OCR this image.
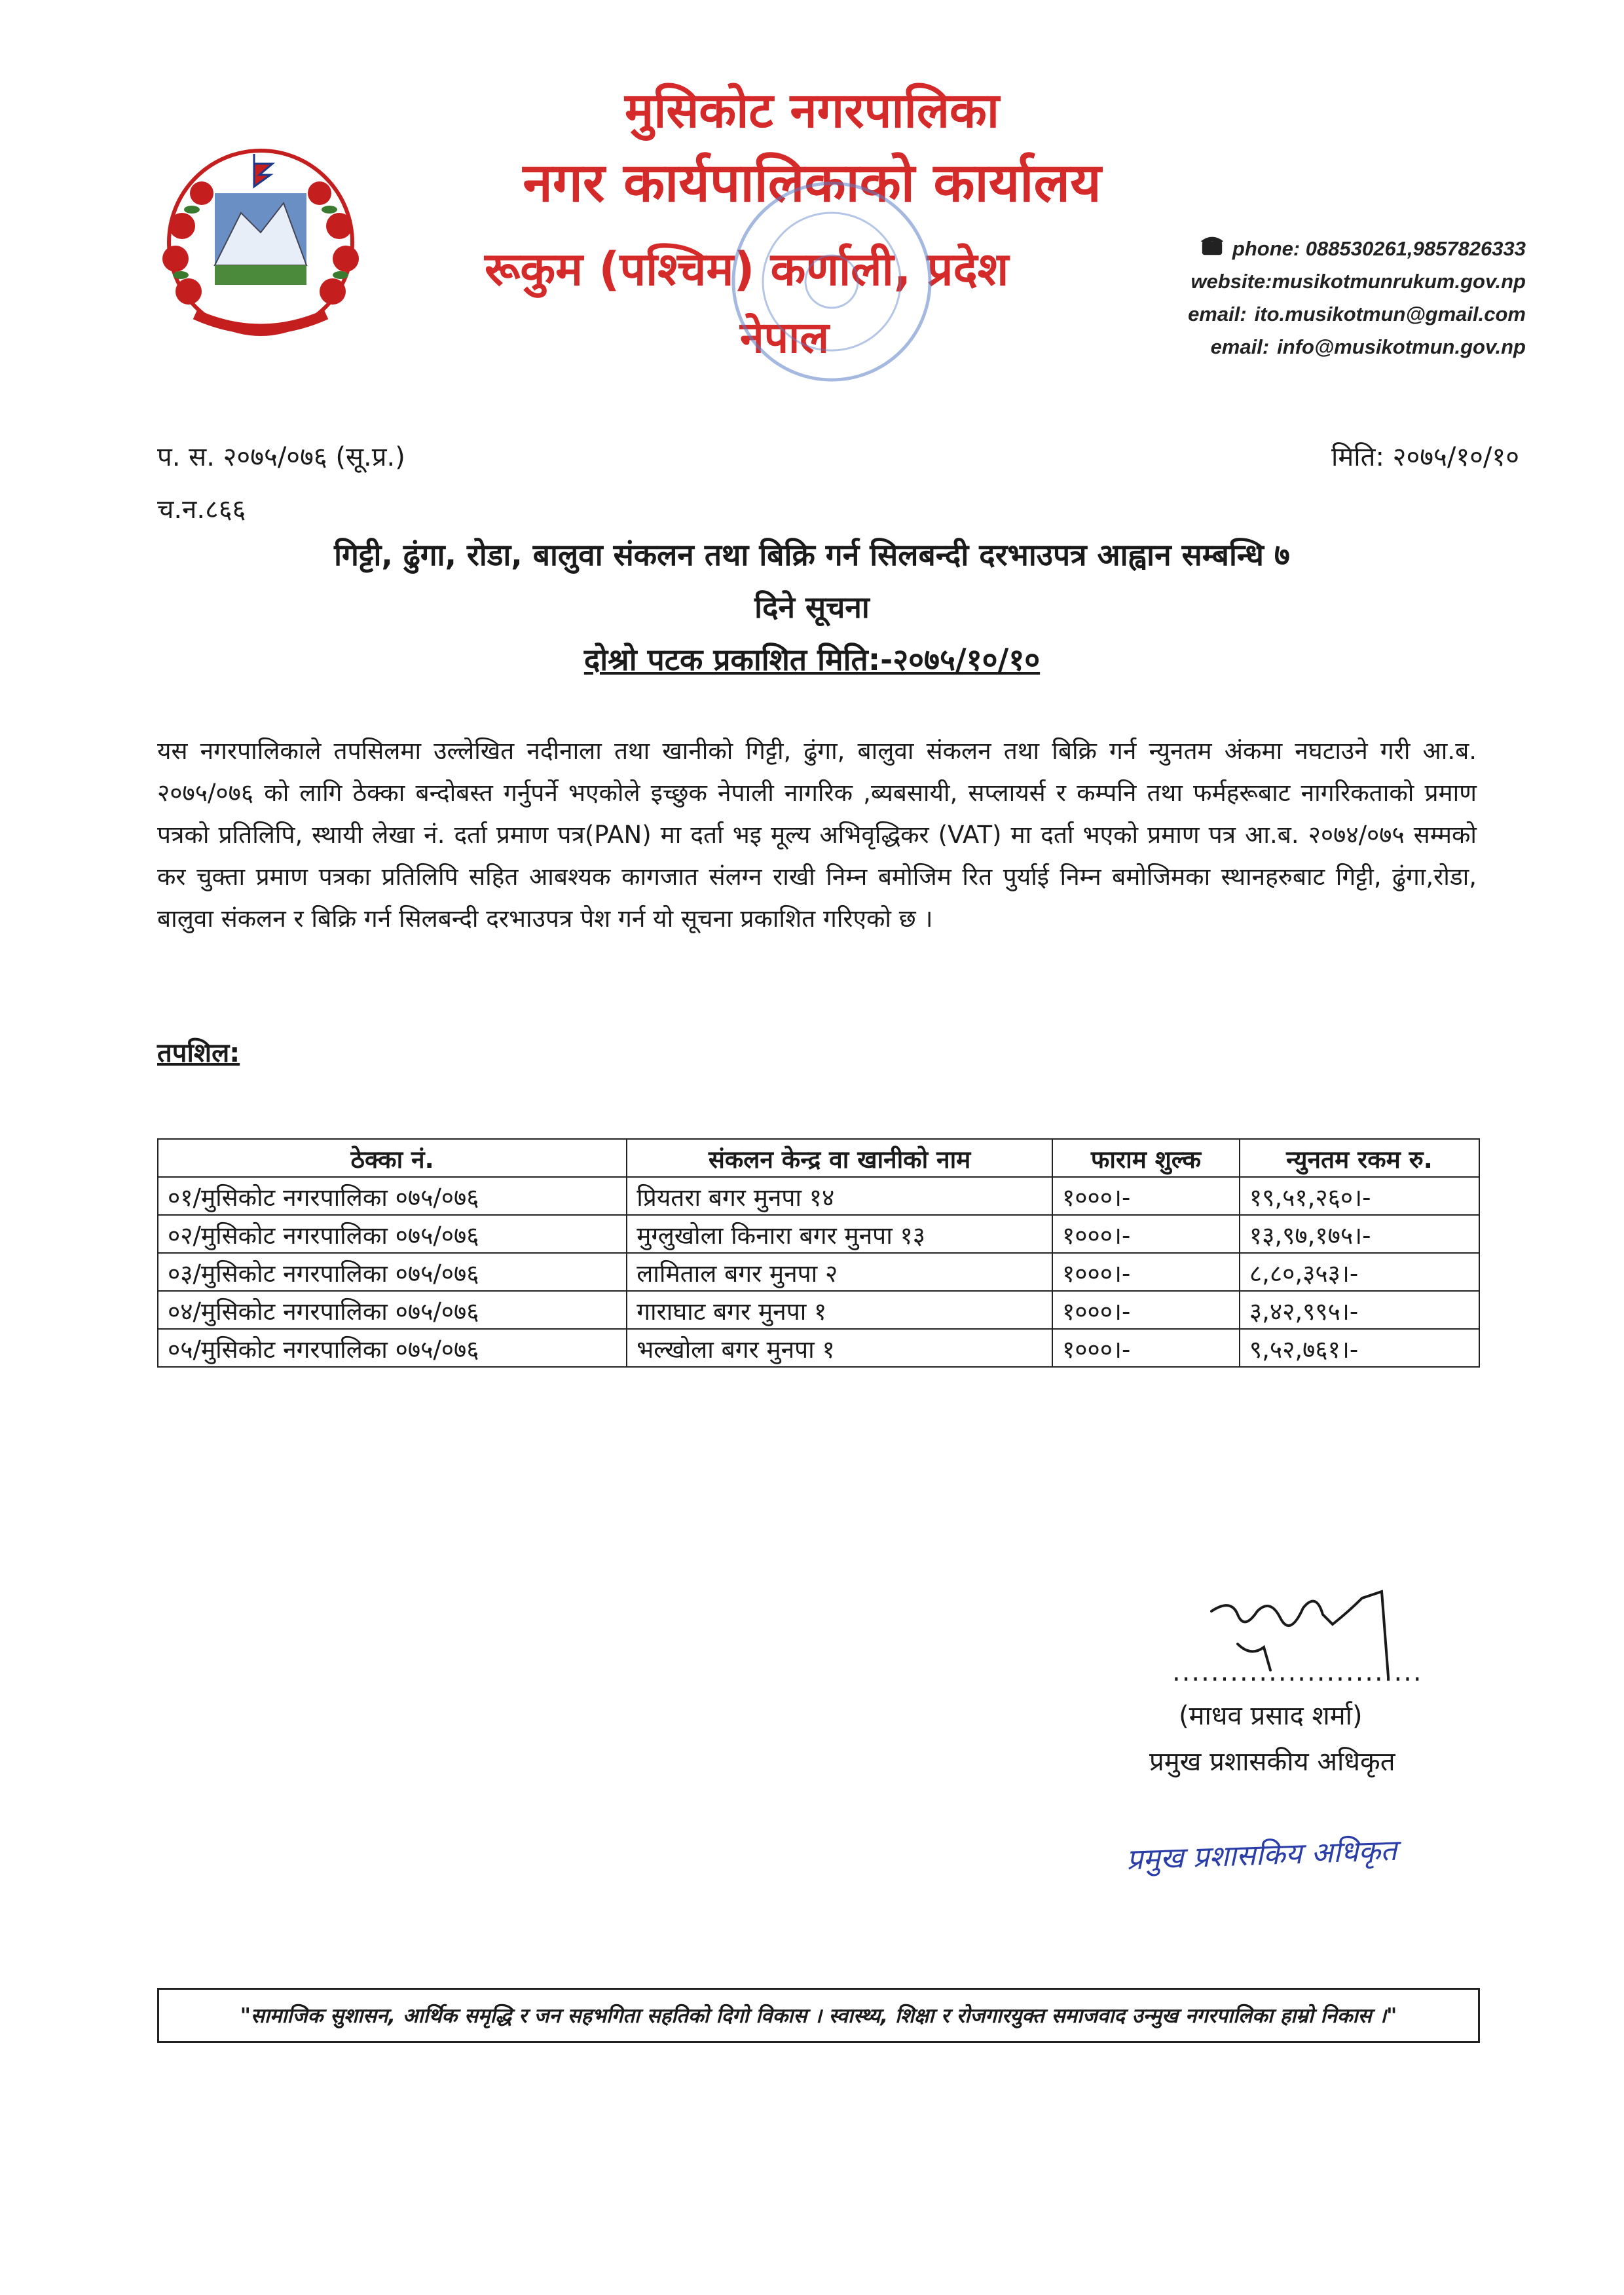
मुसिकोट नगरपालिका
नगर कार्यपालिकाको कार्यालय
रूकुम (पश्चिम) कर्णाली, प्रदेश
नेपाल
phone: 088530261,9857826333
website:musikotmunrukum.gov.np
email: ito.musikotmun@gmail.com
email: info@musikotmun.gov.np
प. स. २०७५/०७६ (सू.प्र.)	मिति: २०७५/१०/१०
च.न.८६६
गिट्टी, ढुंगा, रोडा, बालुवा संकलन तथा बिक्रि गर्न सिलबन्दी दरभाउपत्र आह्वान सम्बन्धि ७
दिने सूचना
दोश्रो पटक प्रकाशित मिति:-२०७५/१०/१०
यस नगरपालिकाले तपसिलमा उल्लेखित नदीनाला तथा खानीको गिट्टी, ढुंगा, बालुवा संकलन तथा बिक्रि गर्न न्युनतम अंकमा नघटाउने गरी आ.ब. २०७५/०७६ को लागि ठेक्का बन्दोबस्त गर्नुपर्ने भएकोले इच्छुक नेपाली नागरिक ,ब्यबसायी, सप्लायर्स र कम्पनि तथा फर्महरूबाट नागरिकताको प्रमाण पत्रको प्रतिलिपि, स्थायी लेखा नं. दर्ता प्रमाण पत्र(PAN) मा दर्ता भइ मूल्य अभिवृद्धिकर (VAT) मा दर्ता भएको प्रमाण पत्र आ.ब. २०७४/०७५ सम्मको कर चुक्ता प्रमाण पत्रका प्रतिलिपि सहित आबश्यक कागजात संलग्न राखी निम्न बमोजिम रित पुर्याई निम्न बमोजिमका स्थानहरुबाट गिट्टी, ढुंगा,रोडा, बालुवा संकलन र बिक्रि गर्न सिलबन्दी दरभाउपत्र पेश गर्न यो सूचना प्रकाशित गरिएको छ ।
तपशिल:
ठेक्का नं.	संकलन केन्द्र वा खानीको नाम	फाराम शुल्क	न्युनतम रकम रु.
०१/मुसिकोट नगरपालिका ०७५/०७६	प्रियतरा बगर मुनपा १४	१०००।-	१९,५१,२६०।-
०२/मुसिकोट नगरपालिका ०७५/०७६	मुग्लुखोला किनारा बगर मुनपा १३	१०००।-	१३,९७,१७५।-
०३/मुसिकोट नगरपालिका ०७५/०७६	लामिताल बगर मुनपा २	१०००।-	८,८०,३५३।-
०४/मुसिकोट नगरपालिका ०७५/०७६	गाराघाट बगर मुनपा १	१०००।-	३,४२,९९५।-
०५/मुसिकोट नगरपालिका ०७५/०७६	भल्खोला बगर मुनपा १	१०००।-	९,५२,७६१।-
..........................
(माधव प्रसाद शर्मा)
प्रमुख प्रशासकीय अधिकृत
प्रमुख प्रशासकिय अधिकृत
"सामाजिक सुशासन, आर्थिक समृद्धि र जन सहभगिता सहतिको दिगो विकास । स्वास्थ्य, शिक्षा र रोजगारयुक्त समाजवाद उन्मुख नगरपालिका हाम्रो निकास ।"
